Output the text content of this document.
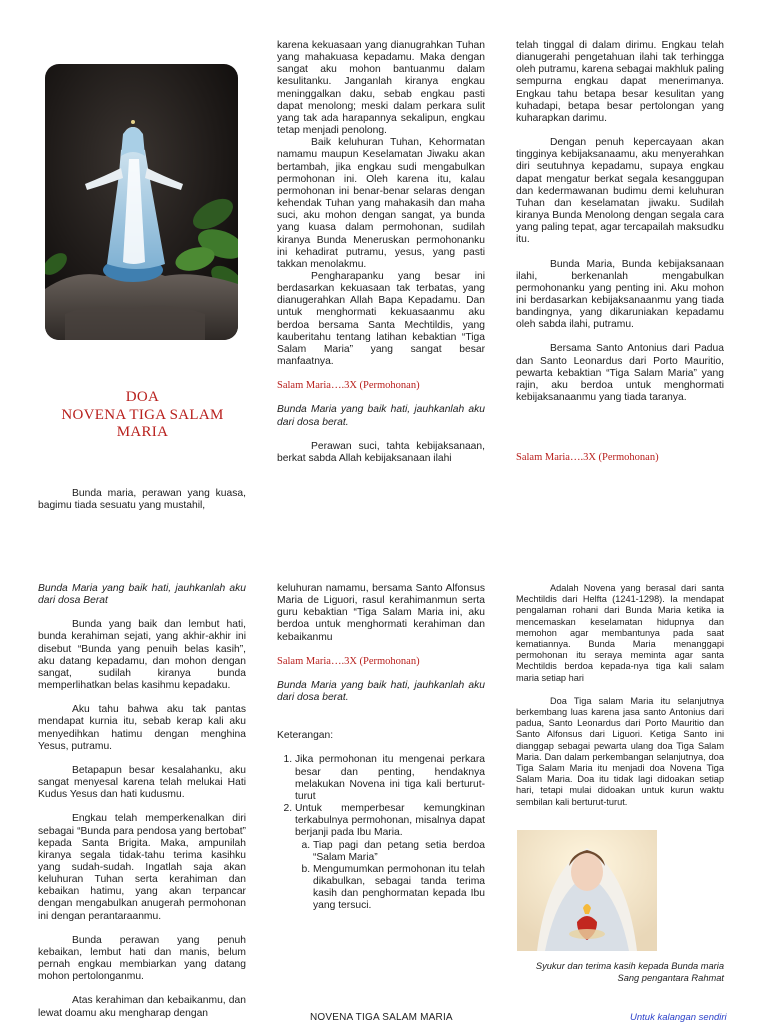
DOA
NOVENA TIGA SALAM
MARIA

Bunda maria, perawan yang kuasa, bagimu tiada sesuatu yang mustahil,

karena kekuasaan yang dianugrahkan Tuhan yang mahakuasa kepadamu. Maka dengan sangat aku mohon bantuanmu dalam kesulitanku. Janganlah kiranya engkau meninggalkan daku, sebab engkau pasti dapat menolong; meski dalam perkara sulit yang tak ada harapannya sekalipun, engkau tetap menjadi penolong.

Baik keluhuran Tuhan, Kehormatan namamu maupun Keselamatan Jiwaku akan bertambah, jika engkau sudi mengabulkan permohonan ini. Oleh karena itu, kalau permohonan ini benar-benar selaras dengan kehendak Tuhan yang mahakasih dan maha suci, aku mohon dengan sangat, ya bunda yang kuasa dalam permohonan, sudilah kiranya Bunda Meneruskan permohonanku ini kehadirat putramu, yesus, yang pasti takkan menolakmu.

Pengharapanku yang besar ini berdasarkan kekuasaan tak terbatas, yang dianugerahkan Allah Bapa Kepadamu. Dan untuk menghormati kekuasaanmu aku berdoa bersama Santa Mechtildis, yang kauberitahu tentang latihan kebaktian “Tiga Salam Maria” yang sangat besar manfaatnya.

Salam Maria….3X (Permohonan)

Bunda Maria yang baik hati, jauhkanlah aku dari dosa berat.

Perawan suci, tahta kebijaksanaan, berkat sabda Allah kebijaksanaan ilahi

telah tinggal di dalam dirimu. Engkau telah dianugerahi pengetahuan ilahi tak terhingga oleh putramu, karena sebagai makhluk paling sempurna engkau dapat menerimanya. Engkau tahu betapa besar kesulitan yang kuhadapi, betapa besar pertolongan yang kuharapkan darimu.

Dengan penuh kepercayaan akan tingginya kebijaksanaamu, aku menyerahkan diri seutuhnya kepadamu, supaya engkau dapat mengatur berkat segala kesanggupan dan kedermawanan budimu demi keluhuran Tuhan dan keselamatan jiwaku. Sudilah kiranya Bunda Menolong dengan segala cara yang paling tepat, agar tercapailah maksudku itu.

Bunda Maria, Bunda kebijaksanaan ilahi, berkenanlah mengabulkan permohonanku yang penting ini. Aku mohon ini berdasarkan kebijaksanaanmu yang tiada bandingnya, yang dikaruniakan kepadamu oleh sabda ilahi, putramu.

Bersama Santo Antonius dari Padua dan Santo Leonardus dari Porto Mauritio, pewarta kebaktian “Tiga Salam Maria” yang rajin, aku berdoa untuk menghormati kebijaksanaanmu yang tiada taranya.

Salam Maria….3X (Permohonan)

Bunda Maria yang baik hati, jauhkanlah aku dari dosa Berat

Bunda yang baik dan lembut hati, bunda kerahiman sejati, yang akhir-akhir ini disebut “Bunda yang penuih belas kasih”, aku datang kepadamu, dan mohon dengan sangat, sudilah kiranya bunda memperlihatkan belas kasihmu kepadaku.

Aku tahu bahwa aku tak pantas mendapat kurnia itu, sebab kerap kali aku menyedihkan hatimu dengan menghina Yesus, putramu.

Betapapun besar kesalahanku, aku sangat menyesal karena telah melukai Hati Kudus Yesus dan hati kudusmu.

Engkau telah memperkenalkan diri sebagai “Bunda para pendosa yang bertobat” kepada Santa Brigita. Maka, ampunilah kiranya segala tidak-tahu terima kasihku yang sudah-sudah. Ingatlah saja akan keluhuran Tuhan serta kerahiman dan kebaikan hatimu, yang akan terpancar dengan mengabulkan anugerah permohonan ini dengan perantaraanmu.

Bunda perawan yang penuh kebaikan, lembut hati dan manis, belum pernah engkau membiarkan yang datang mohon pertolonganmu.

Atas kerahiman dan kebaikanmu, dan lewat doamu aku mengharap dengan

keluhuran namamu, bersama Santo Alfonsus Maria de Liguori, rasul kerahimanmun serta guru kebaktian “Tiga Salam Maria ini, aku berdoa untuk menghormati kerahiman dan kebaikanmu

Salam Maria….3X (Permohonan)

Bunda Maria yang baik hati, jauhkanlah aku dari dosa berat.

Keterangan:

1. Jika permohonan itu mengenai perkara besar dan penting, hendaknya melakukan Novena ini tiga kali berturut-turut
2. Untuk memperbesar kemungkinan terkabulnya permohonan, misalnya dapat berjanji pada Ibu Maria.
a. Tiap pagi dan petang setia berdoa “Salam Maria”
b. Mengumumkan permohonan itu telah dikabulkan, sebagai tanda terima kasih dan penghormatan kepada Ibu yang tersuci.

Adalah Novena yang berasal dari santa Mechtildis dari Helfta (1241-1298). Ia mendapat pengalaman rohani dari Bunda Maria ketika ia mencemaskan keselamatan hidupnya dan memohon agar membantunya pada saat kematiannya. Bunda Maria menanggapi permohonan itu seraya meminta agar santa Mechtildis berdoa kepada-nya tiga kali salam maria setiap hari

Doa Tiga salam Maria itu selanjutnya berkembang luas karena jasa santo Antonius dari padua, Santo Leonardus dari Porto Mauritio dan Santo Alfonsus dari Liguori. Ketiga Santo ini dianggap sebagai pewarta ulang doa Tiga Salam Maria. Dan dalam perkembangan selanjutnya, doa Tiga Salam Maria itu menjadi doa Novena Tiga Salam Maria. Doa itu tidak lagi didoakan setiap hari, tetapi mulai didoakan untuk kurun waktu sembilan kali berturut-turut.

Syukur dan terima kasih kepada Bunda maria
Sang pengantara Rahmat
NOVENA TIGA SALAM MARIA	Untuk kalangan sendiri
